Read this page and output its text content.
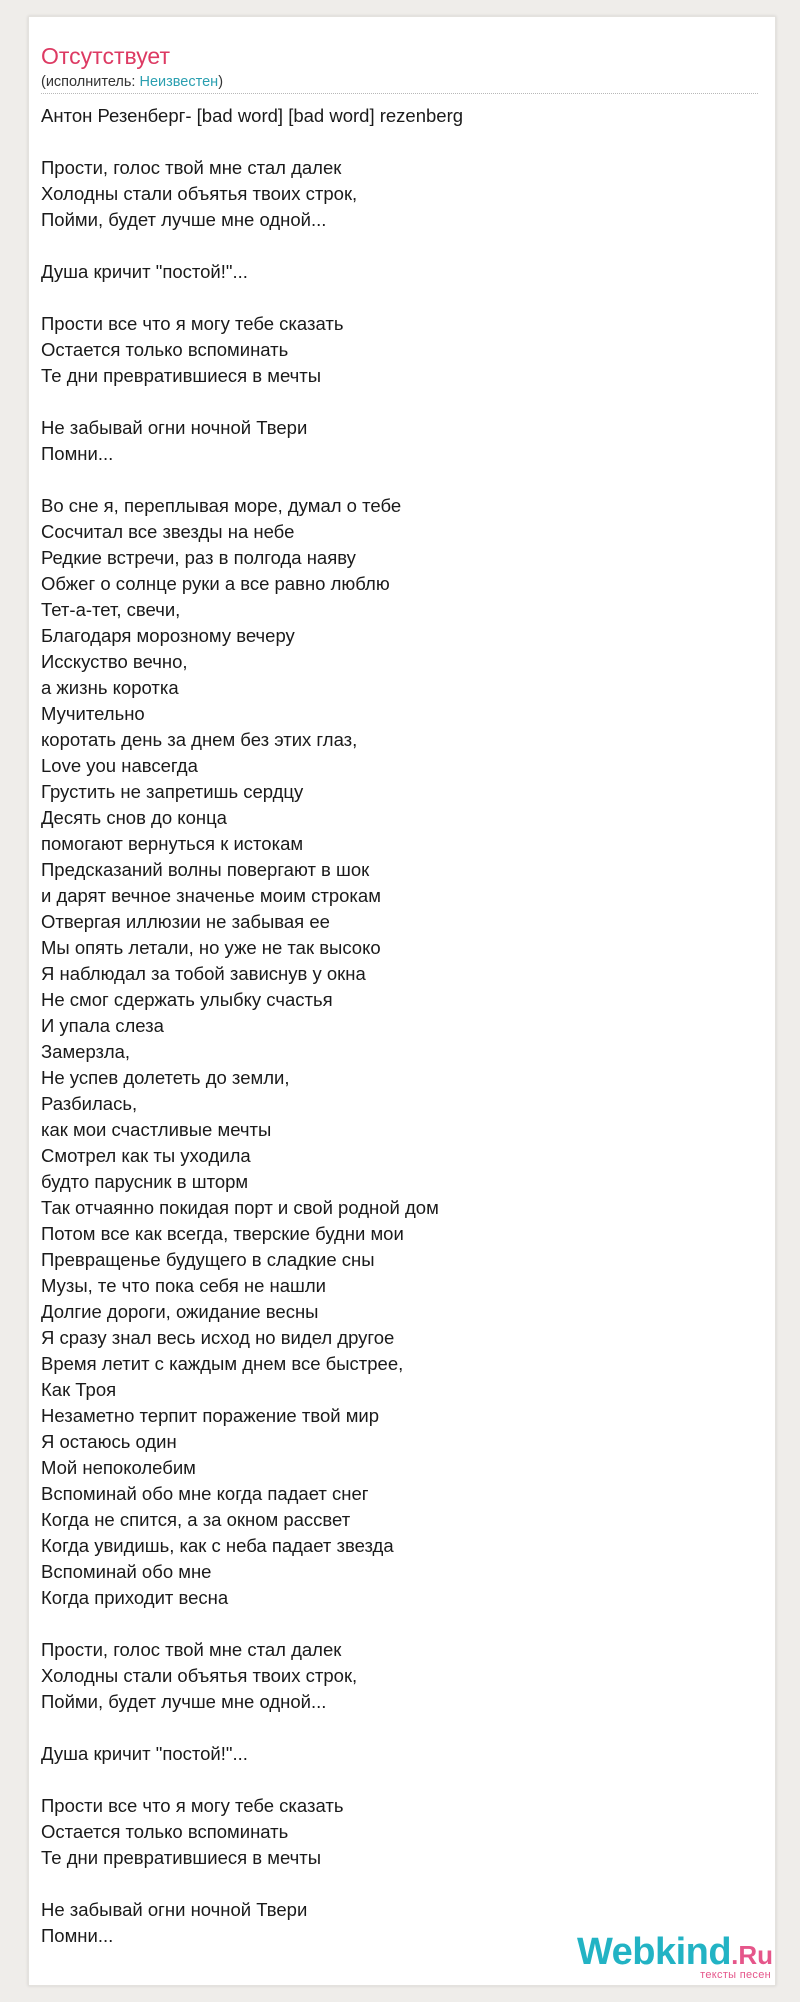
Отсутствует
(исполнитель: Неизвестен)
Антон Резенберг- [bad word] [bad word] rezenberg
Прости, голос твой мне стал далек
Холодны стали объятья твоих строк,
Пойми, будет лучше мне одной...
Душа кричит "постой!"...
Прости все что я могу тебе сказать
Остается только вспоминать
Те дни превратившиеся в мечты
Не забывай огни ночной Твери
Помни...
Во сне я, переплывая море, думал о тебе
Сосчитал все звезды на небе
Редкие встречи, раз в полгода наяву
Обжег о солнце руки а все равно люблю
Тет-а-тет, свечи,
Благодаря морозному вечеру
Исскуство вечно,
а жизнь коротка
Мучительно
коротать день за днем без этих глаз,
Love you навсегда
Грустить не запретишь сердцу
Десять снов до конца
помогают вернуться к истокам
Предсказаний волны повергают в шок
и дарят вечное значенье моим строкам
Отвергая иллюзии не забывая ее
Мы опять летали, но уже не так высоко
Я наблюдал за тобой зависнув у окна
Не смог сдержать улыбку счастья
И упала слеза
Замерзла,
Не успев долететь до земли,
Разбилась,
как мои счастливые мечты
Смотрел как ты уходила
будто парусник в шторм
Так отчаянно покидая порт и свой родной дом
Потом все как всегда, тверские будни мои
Превращенье будущего в сладкие сны
Музы, те что пока себя не нашли
Долгие дороги, ожидание весны
Я сразу знал весь исход но видел другое
Время летит с каждым днем все быстрее,
Как Троя
Незаметно терпит поражение твой мир
Я остаюсь один
Мой непоколебим
Вспоминай обо мне когда падает снег
Когда не спится, а за окном рассвет
Когда увидишь, как с неба падает звезда
Вспоминай обо мне
Когда приходит весна
Прости, голос твой мне стал далек
Холодны стали объятья твоих строк,
Пойми, будет лучше мне одной...
Душа кричит "постой!"...
Прости все что я могу тебе сказать
Остается только вспоминать
Те дни превратившиеся в мечты
Не забывай огни ночной Твери
Помни...	Webkind.Ru
тексты песен
